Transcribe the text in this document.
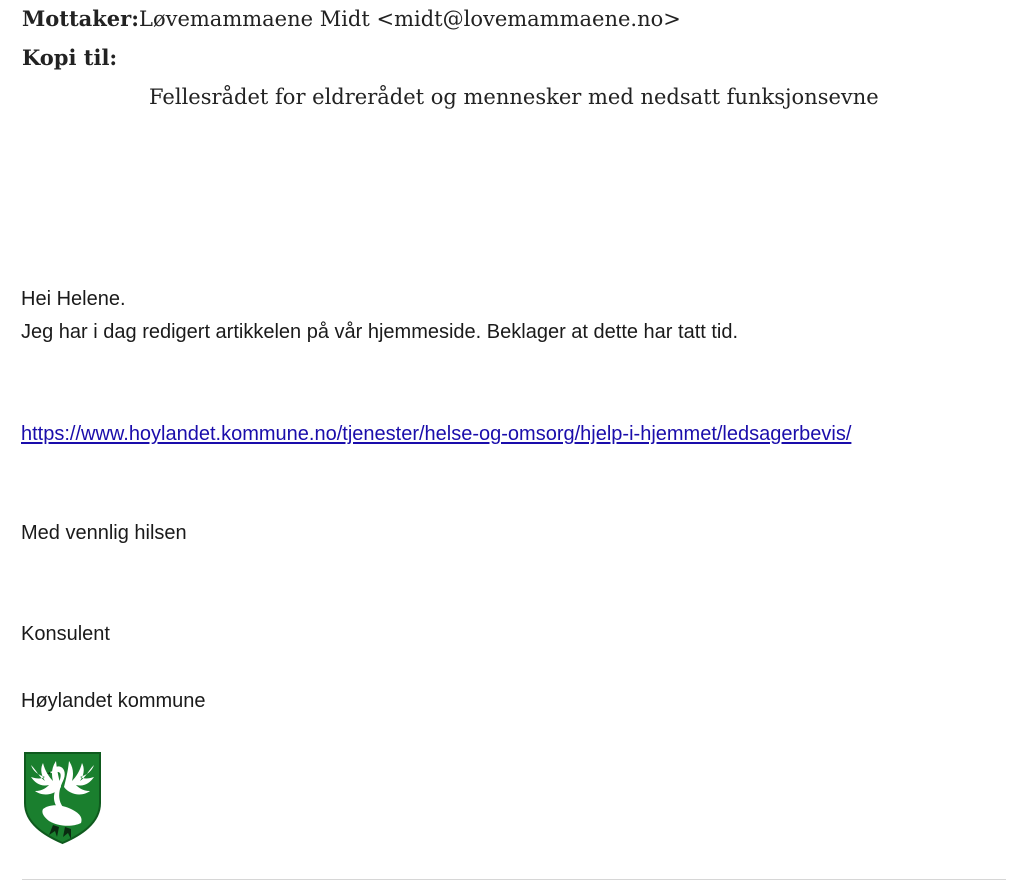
Mottaker:Løvemammaene Midt <midt@lovemammaene.no>
Kopi til:
Fellesrådet for eldrerådet og mennesker med nedsatt funksjonsevne
Hei Helene.
Jeg har i dag redigert artikkelen på vår hjemmeside. Beklager at dette har tatt tid.
https://www.hoylandet.kommune.no/tjenester/helse-og-omsorg/hjelp-i-hjemmet/ledsagerbevis/
Med vennlig hilsen
Konsulent
Høylandet kommune
